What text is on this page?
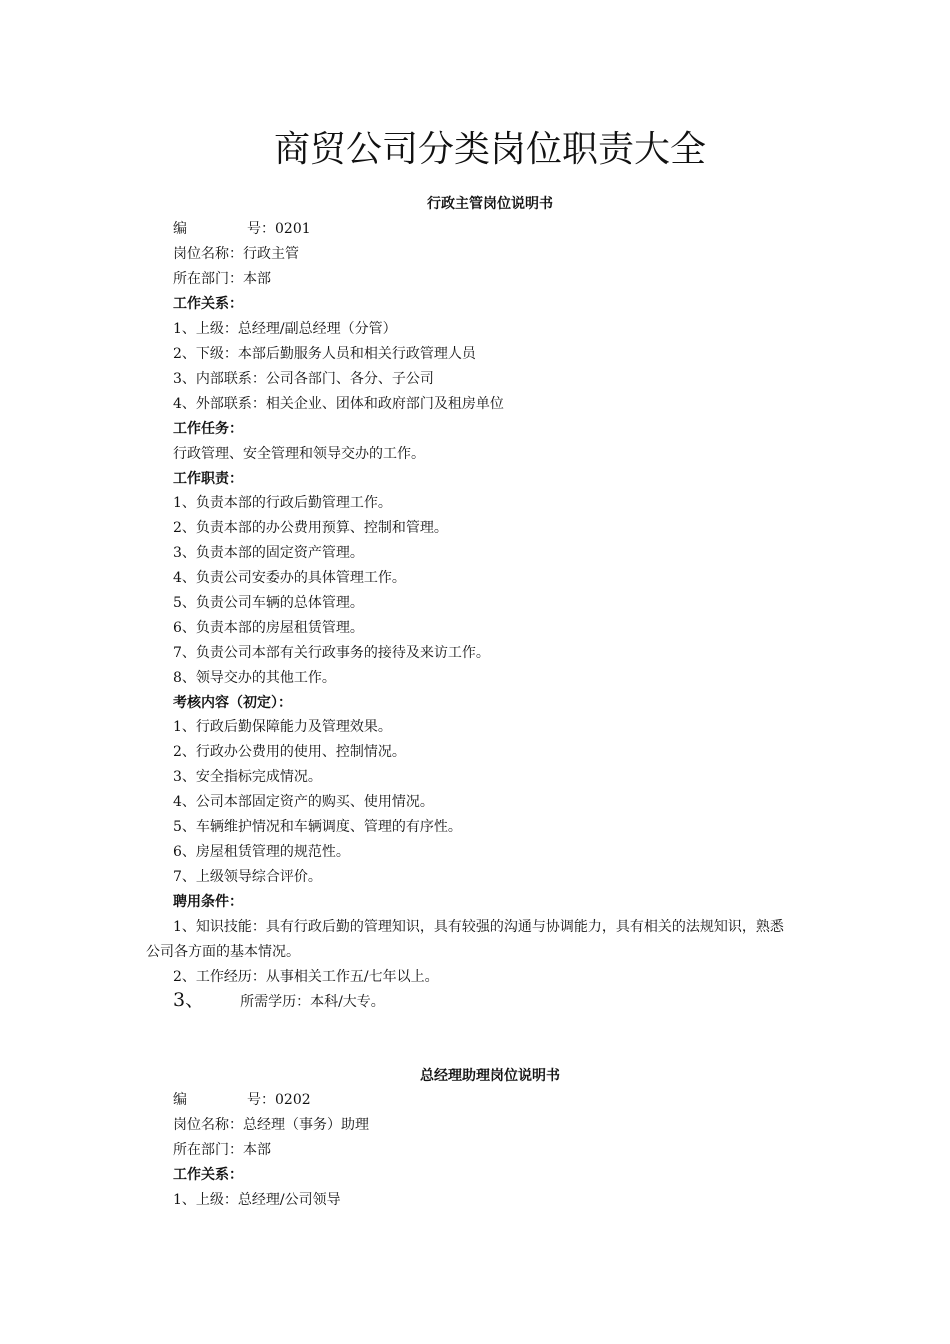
商贸公司分类岗位职责大全
行政主管岗位说明书
编	号：0201
岗位名称：行政主管
所在部门：本部
工作关系：
1、上级：总经理/副总经理（分管）
2、下级：本部后勤服务人员和相关行政管理人员
3、内部联系：公司各部门、各分、子公司
4、外部联系：相关企业、团体和政府部门及租房单位
工作任务：
行政管理、安全管理和领导交办的工作。
工作职责：
1、负责本部的行政后勤管理工作。
2、负责本部的办公费用预算、控制和管理。
3、负责本部的固定资产管理。
4、负责公司安委办的具体管理工作。
5、负责公司车辆的总体管理。
6、负责本部的房屋租赁管理。
7、负责公司本部有关行政事务的接待及来访工作。
8、领导交办的其他工作。
考核内容（初定）：
1、行政后勤保障能力及管理效果。
2、行政办公费用的使用、控制情况。
3、安全指标完成情况。
4、公司本部固定资产的购买、使用情况。
5、车辆维护情况和车辆调度、管理的有序性。
6、房屋租赁管理的规范性。
7、上级领导综合评价。
聘用条件：
1、知识技能：具有行政后勤的管理知识，具有较强的沟通与协调能力，具有相关的法规知识，熟悉
公司各方面的基本情况。
2、工作经历：从事相关工作五/七年以上。
3、	所需学历：本科/大专。
总经理助理岗位说明书
编	号：0202
岗位名称：总经理（事务）助理
所在部门：本部
工作关系：
1、上级：总经理/公司领导
